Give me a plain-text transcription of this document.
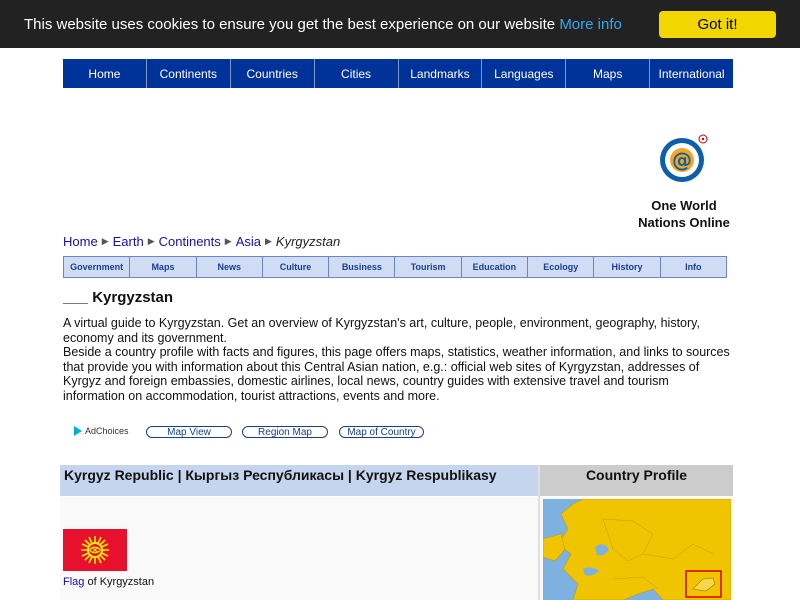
This website uses cookies to ensure you get the best experience on our website More info	Got it!
Home	Continents	Countries	Cities	Landmarks	Languages	Maps	International
@
One World
Nations Online
Home ▶ Earth ▶ Continents ▶ Asia ▶ Kyrgyzstan
Government	Maps	News	Culture	Business	Tourism	Education	Ecology	History	Info
___ Kyrgyzstan

A virtual guide to Kyrgyzstan. Get an overview of Kyrgyzstan's art, culture, people, environment, geography, history, economy and its government.

Beside a country profile with facts and figures, this page offers maps, statistics, weather information, and links to sources that provide you with information about this Central Asian nation, e.g.: official web sites of Kyrgyzstan, addresses of Kyrgyz and foreign embassies, domestic airlines, local news, country guides with extensive travel and tourism information on accommodation, tourist attractions, events and more.

AdChoices	Map View	Region Map	Map of Country
Kyrgyz Republic | Кыргыз Республикасы | Kyrgyz Respublikasy	Country Profile
Flag of Kyrgyzstan
